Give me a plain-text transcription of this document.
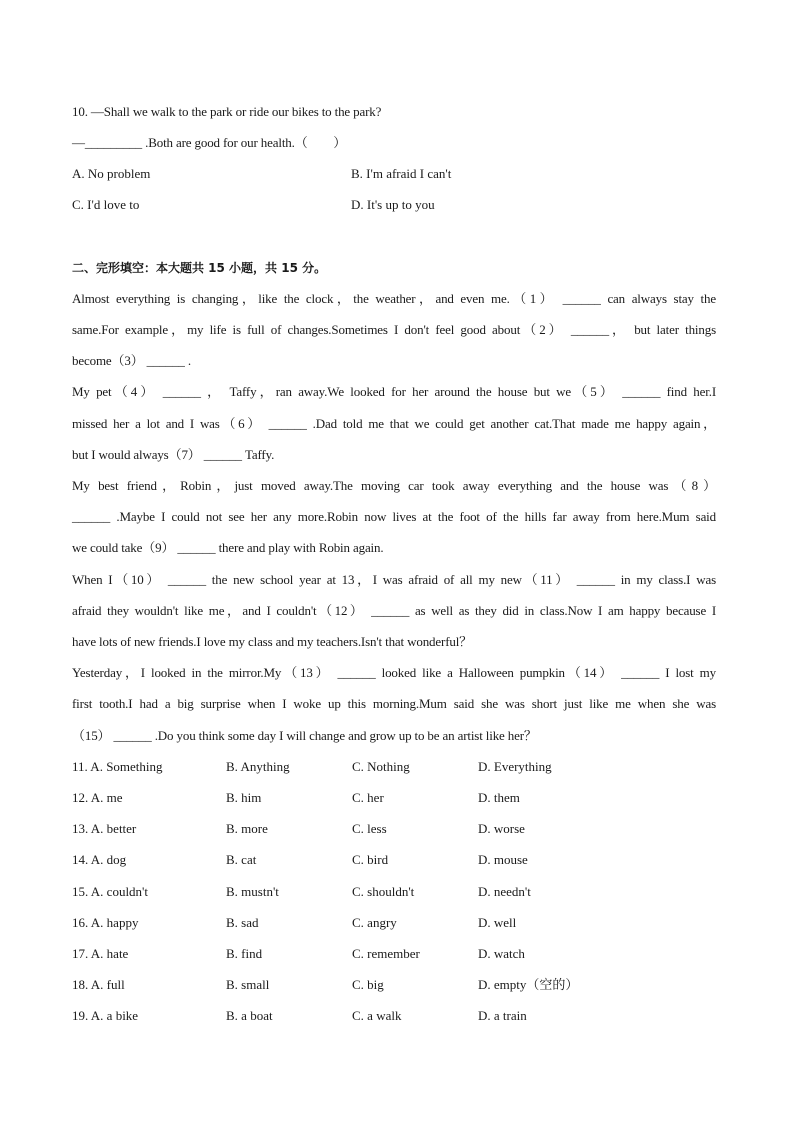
10. —Shall we walk to the park or ride our bikes to the park?
—_________ .Both are good for our health.（　　）
A. No problem	B. I'm afraid I can't
C. I'd love to	D. It's up to you
二、完形填空：本大题共 15 小题，共 15 分。
Almost everything is changing，like the clock，the weather，and even me.（1） ______ can always stay the
same.For example，my life is full of changes.Sometimes I don't feel good about（2） ______， but later things
become（3） ______ .
My pet（4） ______ ， Taffy，ran away.We looked for her around the house but we（5） ______ find her.I
missed her a lot and I was（6） ______ .Dad told me that we could get another cat.That made me happy again，
but I would always（7） ______ Taffy.
My best friend，Robin，just moved away.The moving car took away everything and the house was（8）
______ .Maybe I could not see her any more.Robin now lives at the foot of the hills far away from here.Mum said
we could take（9） ______ there and play with Robin again.
When I（10） ______ the new school year at 13，I was afraid of all my new（11） ______ in my class.I was
afraid they wouldn't like me，and I couldn't（12） ______ as well as they did in class.Now I am happy because I
have lots of new friends.I love my class and my teachers.Isn't that wonderful？
Yesterday，I looked in the mirror.My（13） ______ looked like a Halloween pumpkin（14） ______ I lost my
first tooth.I had a big surprise when I woke up this morning.Mum said she was short just like me when she was
（15） ______ .Do you think some day I will change and grow up to be an artist like her？
11. A. Something	B. Anything	C. Nothing	D. Everything
12. A. me	B. him	C. her	D. them
13. A. better	B. more	C. less	D. worse
14. A. dog	B. cat	C. bird	D. mouse
15. A. couldn't	B. mustn't	C. shouldn't	D. needn't
16. A. happy	B. sad	C. angry	D. well
17. A. hate	B. find	C. remember	D. watch
18. A. full	B. small	C. big	D. empty（空的）
19. A. a bike	B. a boat	C. a walk	D. a train
